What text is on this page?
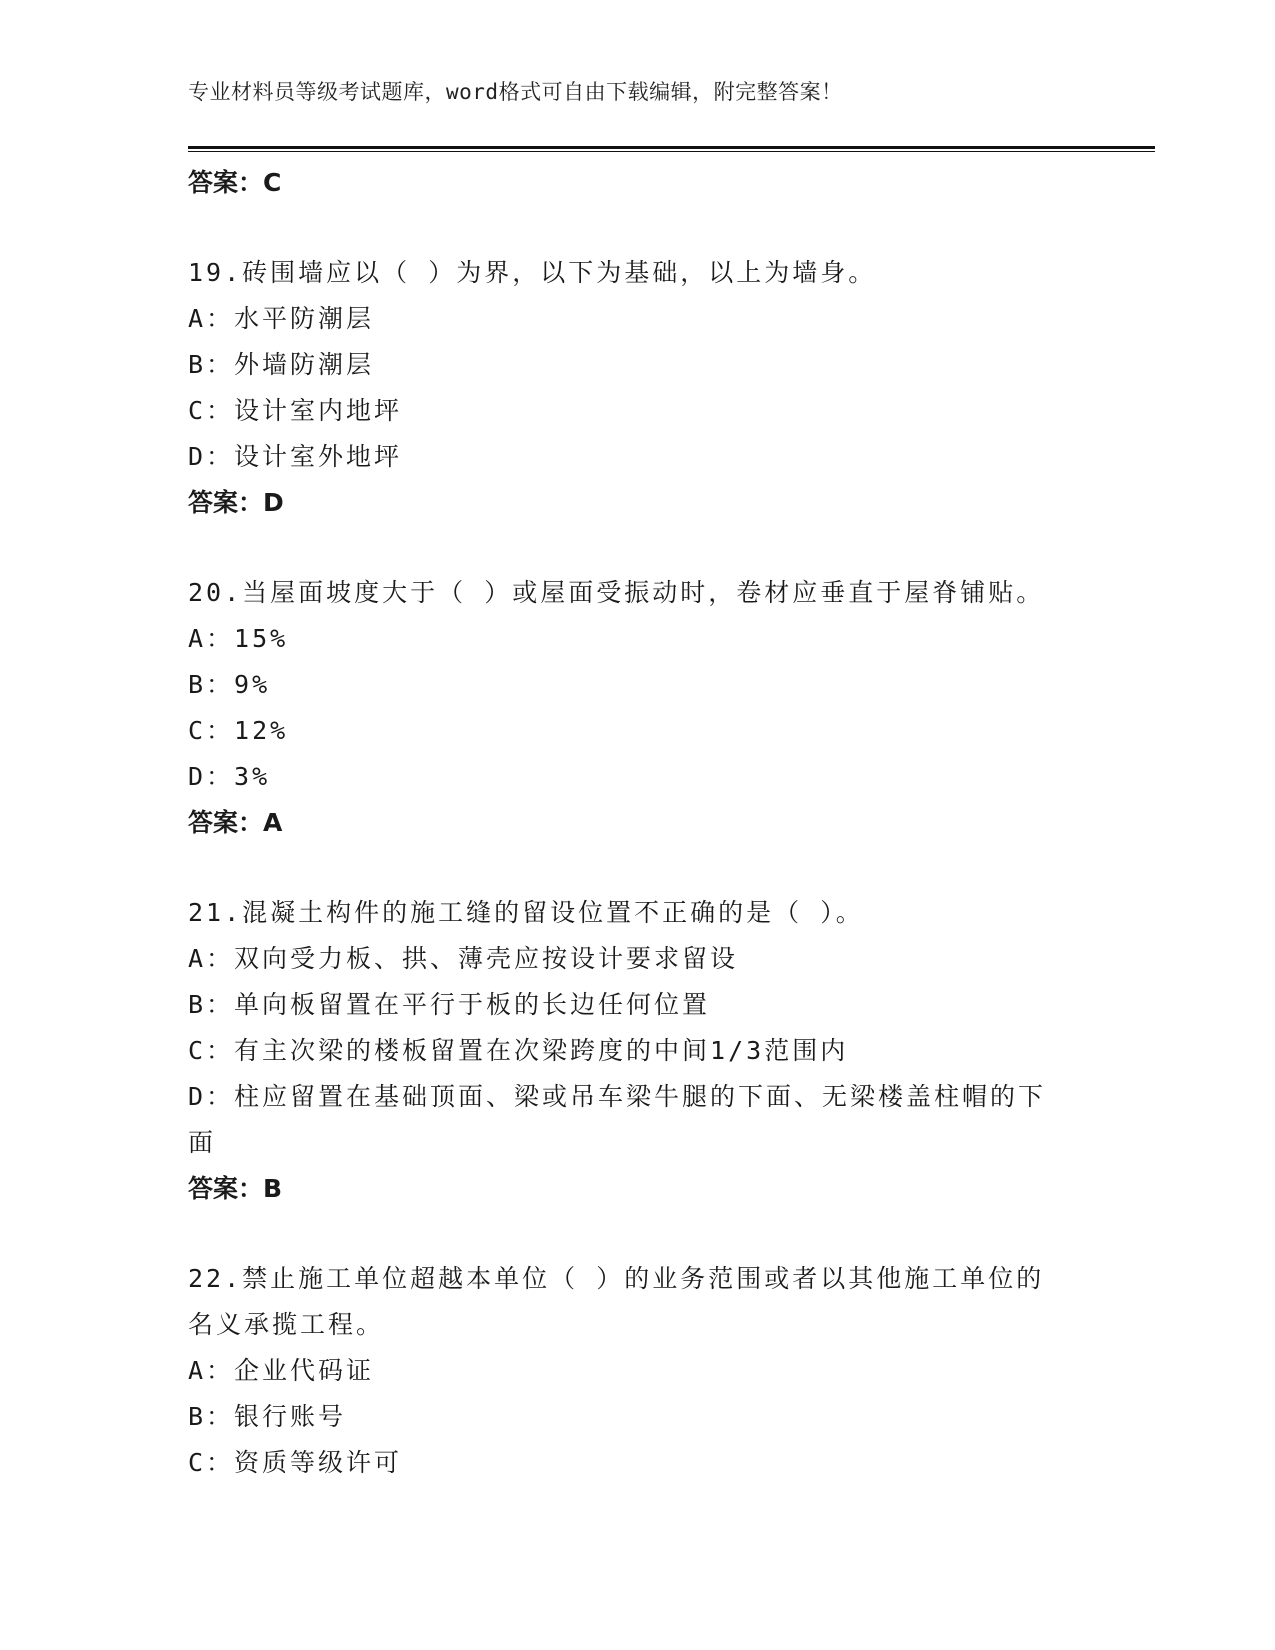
专业材料员等级考试题库，word格式可自由下载编辑，附完整答案！
答案：C
19.砖围墙应以（ ）为界，以下为基础，以上为墙身。
A：水平防潮层
B：外墙防潮层
C：设计室内地坪
D：设计室外地坪
答案：D
20.当屋面坡度大于（ ）或屋面受振动时，卷材应垂直于屋脊铺贴。
A：15%
B：9%
C：12%
D：3%
答案：A
21.混凝土构件的施工缝的留设位置不正确的是（ ）。
A：双向受力板、拱、薄壳应按设计要求留设
B：单向板留置在平行于板的长边任何位置
C：有主次梁的楼板留置在次梁跨度的中间1/3范围内
D：柱应留置在基础顶面、梁或吊车梁牛腿的下面、无梁楼盖柱帽的下
面
答案：B
22.禁止施工单位超越本单位（ ）的业务范围或者以其他施工单位的
名义承揽工程。
A：企业代码证
B：银行账号
C：资质等级许可
